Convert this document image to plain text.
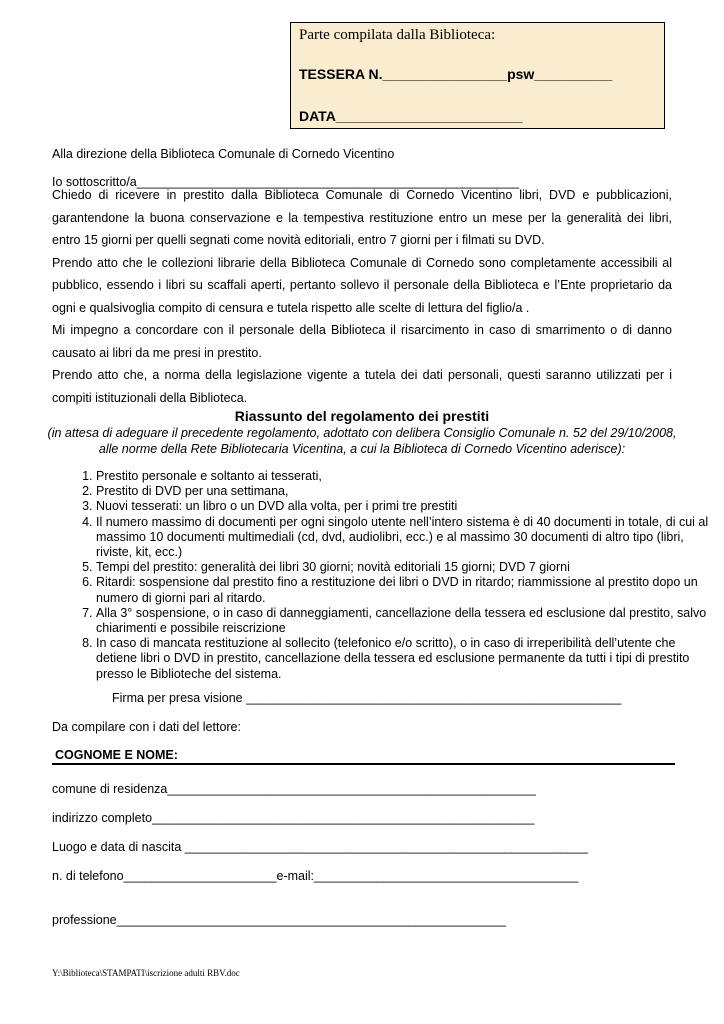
Parte compilata dalla Biblioteca:
TESSERA N.________________psw__________
DATA________________________
Alla direzione della Biblioteca Comunale di Cornedo Vicentino
Io sottoscritto/a_______________________________________________________

Chiedo di ricevere in prestito dalla Biblioteca Comunale di Cornedo Vicentino libri, DVD e pubblicazioni, garantendone la buona conservazione e la tempestiva restituzione entro un mese per la generalità dei libri, entro 15 giorni per quelli segnati come novità editoriali, entro 7 giorni per i filmati su DVD.

Prendo atto che le collezioni librarie della Biblioteca Comunale di Cornedo sono completamente accessibili al pubblico, essendo i libri su scaffali aperti, pertanto sollevo il personale della Biblioteca e l’Ente proprietario da ogni e qualsivoglia compito di censura e tutela rispetto alle scelte di lettura del figlio/a .

Mi impegno a concordare con il personale della Biblioteca il risarcimento in caso di smarrimento o di danno causato ai libri da me presi in prestito.

Prendo atto che, a norma della legislazione vigente a tutela dei dati personali, questi saranno utilizzati per i compiti istituzionali della Biblioteca.

Riassunto del regolamento dei prestiti
(in attesa di adeguare il precedente regolamento, adottato con delibera Consiglio Comunale n. 52 del 29/10/2008, alle norme della Rete Bibliotecaria Vicentina, a cui la Biblioteca di Cornedo Vicentino aderisce):
1. Prestito personale e soltanto ai tesserati,
2. Prestito di DVD per una settimana,
3. Nuovi tesserati: un libro o un DVD alla volta, per i primi tre prestiti
4. Il numero massimo di documenti per ogni singolo utente nell’intero sistema è di 40 documenti in totale, di cui al massimo 10 documenti multimediali (cd, dvd, audiolibri, ecc.) e al massimo 30 documenti di altro tipo (libri, riviste, kit, ecc.)
5. Tempi del prestito: generalità dei libri 30 giorni; novità editoriali 15 giorni; DVD 7 giorni
6. Ritardi: sospensione dal prestito fino a restituzione dei libri o DVD in ritardo; riammissione al prestito dopo un numero di giorni pari al ritardo.
7. Alla 3° sospensione, o in caso di danneggiamenti, cancellazione della tessera ed esclusione dal prestito, salvo chiarimenti e possibile reiscrizione
8. In caso di mancata restituzione al sollecito (telefonico e/o scritto), o in caso di irreperibilità dell’utente che detiene libri o DVD in prestito, cancellazione della tessera ed esclusione permanente da tutti i tipi di prestito presso le Biblioteche del sistema.
Firma per presa visione ______________________________________________________
Da compilare con i dati del lettore:
COGNOME E NOME:
comune di residenza_____________________________________________________
indirizzo completo_______________________________________________________
Luogo e data di nascita __________________________________________________________
n. di telefono______________________e-mail:______________________________________
professione________________________________________________________
Y:\Biblioteca\STAMPATI\iscrizione adulti RBV.doc
